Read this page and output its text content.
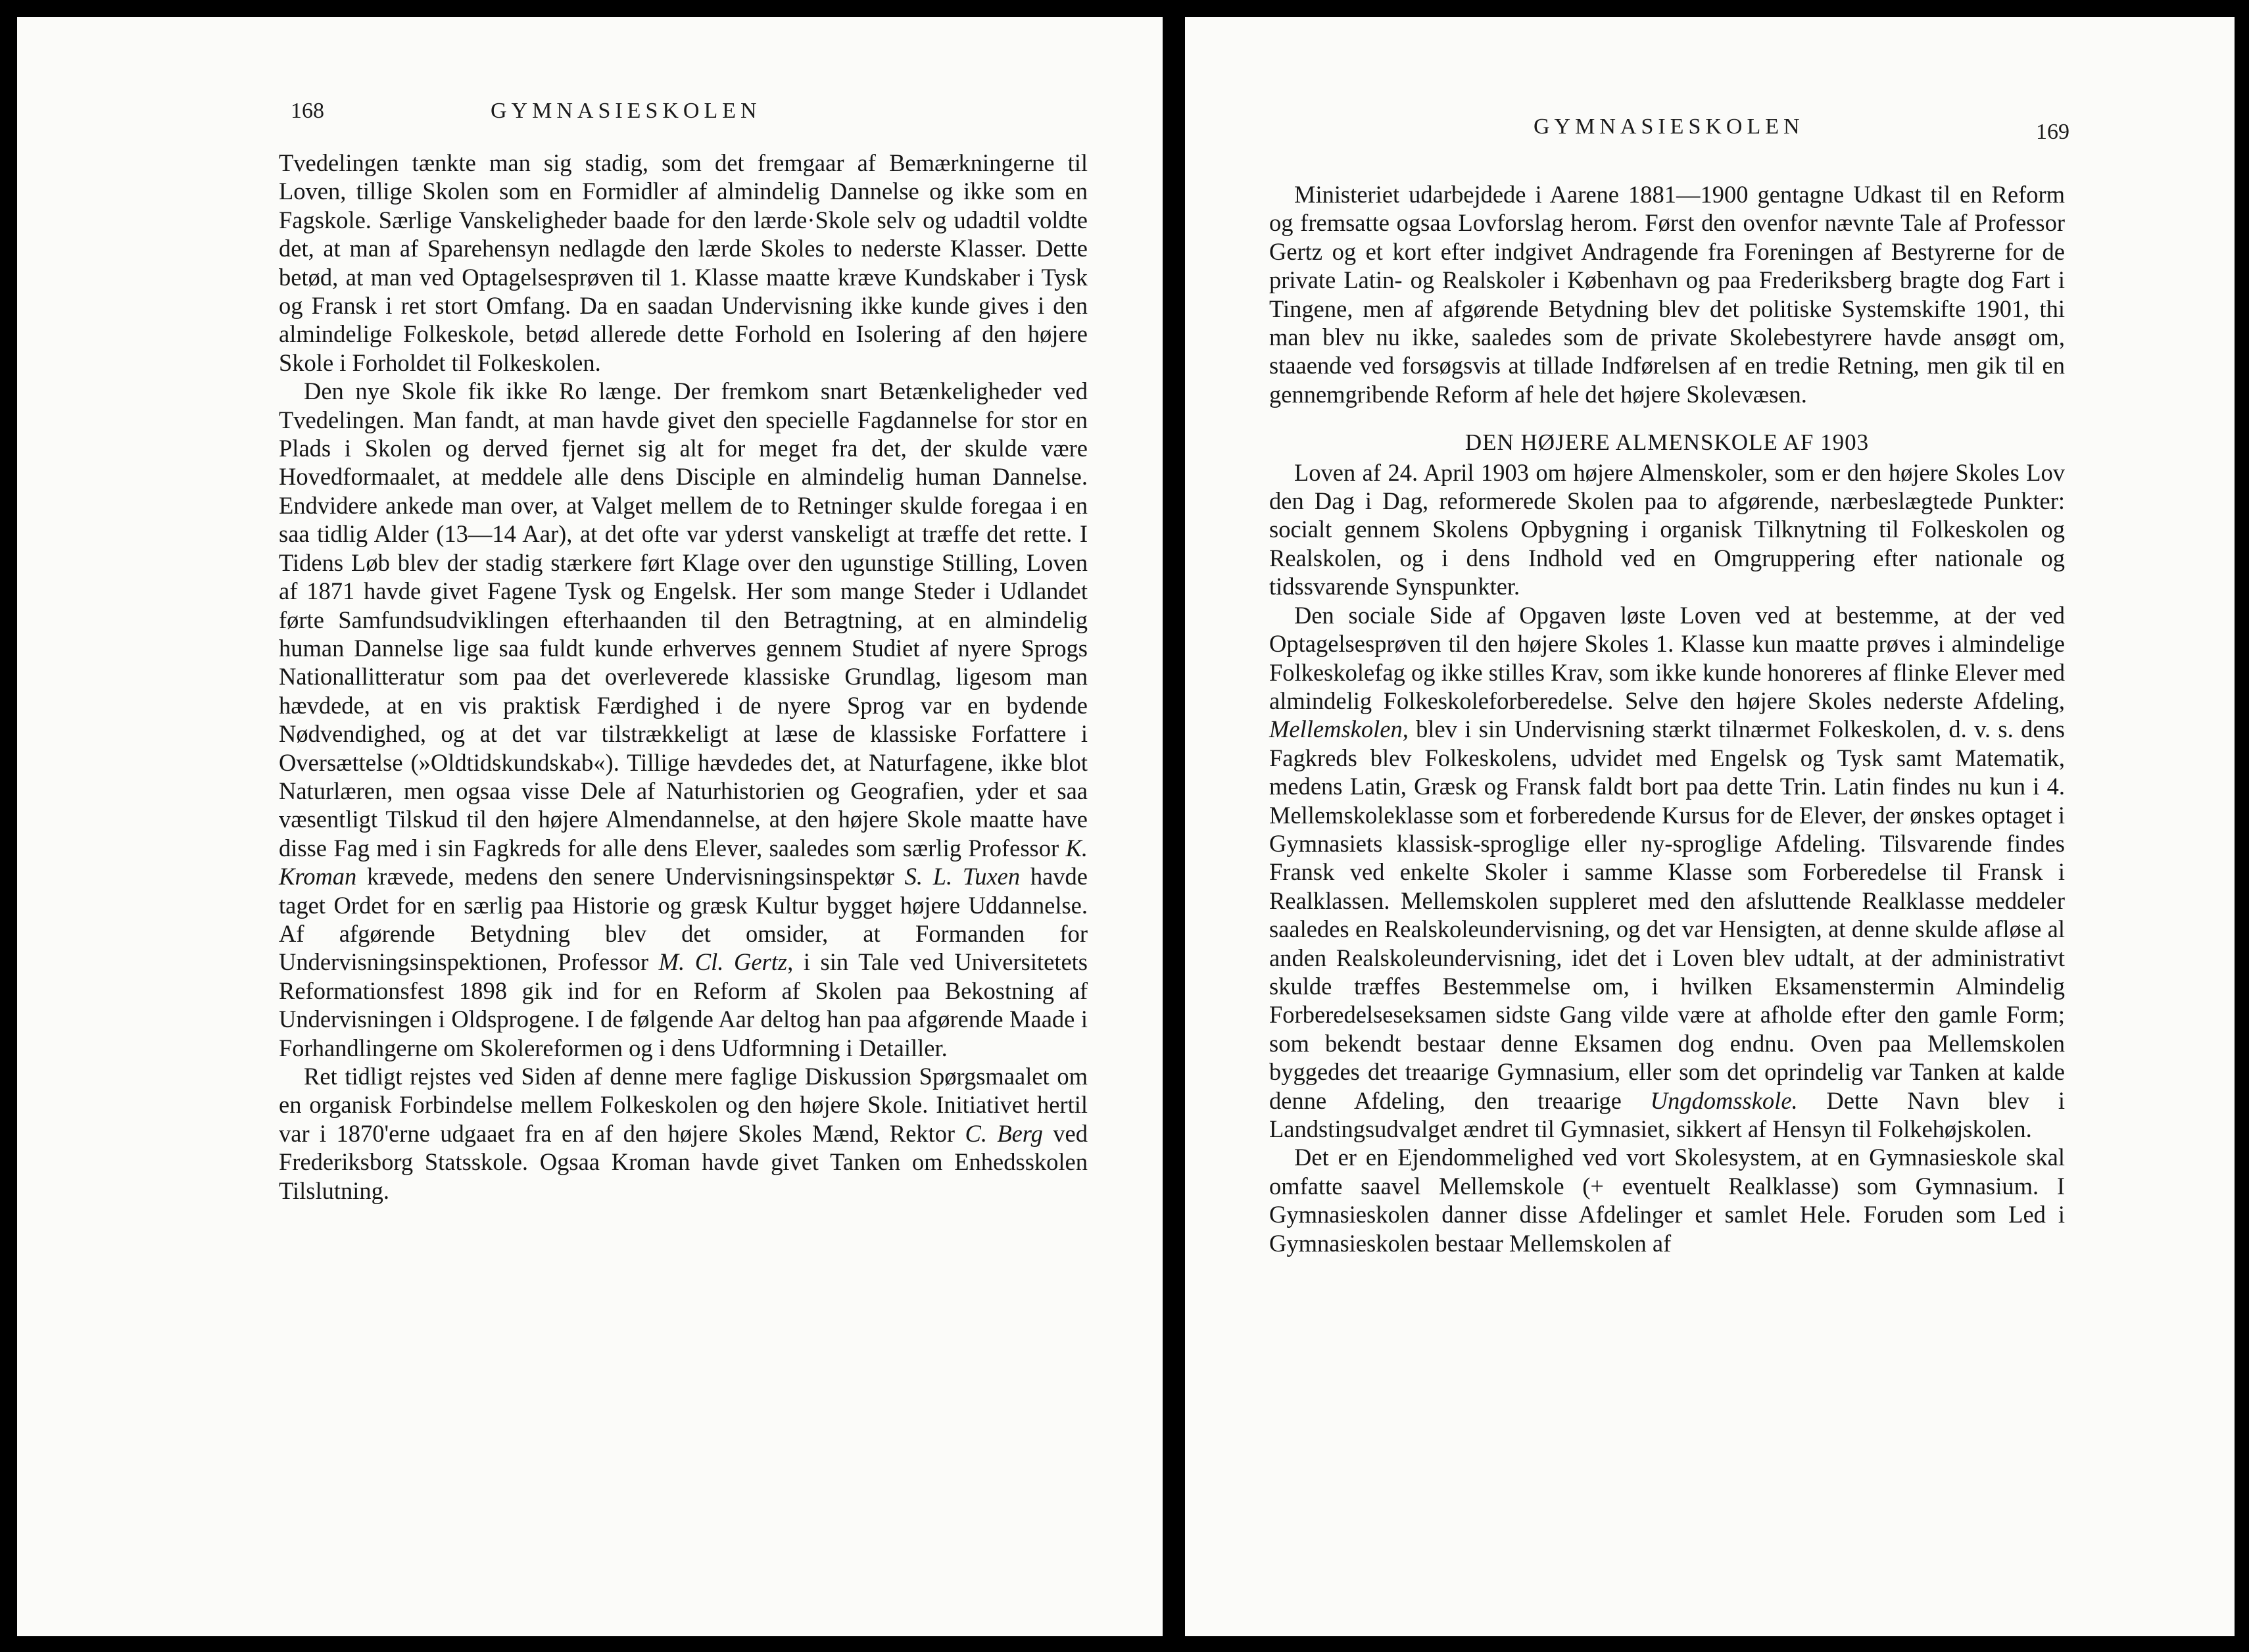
168	GYMNASIESKOLEN

Tvedelingen tænkte man sig stadig, som det fremgaar af Bemærkningerne til Loven, tillige Skolen som en Formidler af almindelig Dannelse og ikke som en Fagskole. Særlige Vanskeligheder baade for den lærde·Skole selv og udadtil voldte det, at man af Sparehensyn nedlagde den lærde Skoles to nederste Klasser. Dette betød, at man ved Optagelsesprøven til 1. Klasse maatte kræve Kundskaber i Tysk og Fransk i ret stort Omfang. Da en saadan Undervisning ikke kunde gives i den almindelige Folkeskole, betød allerede dette Forhold en Isolering af den højere Skole i Forholdet til Folkeskolen.

Den nye Skole fik ikke Ro længe. Der fremkom snart Betænkeligheder ved Tvedelingen. Man fandt, at man havde givet den specielle Fagdannelse for stor en Plads i Skolen og derved fjernet sig alt for meget fra det, der skulde være Hovedformaalet, at meddele alle dens Disciple en almindelig human Dannelse. Endvidere ankede man over, at Valget mellem de to Retninger skulde foregaa i en saa tidlig Alder (13—14 Aar), at det ofte var yderst vanskeligt at træffe det rette. I Tidens Løb blev der stadig stærkere ført Klage over den ugunstige Stilling, Loven af 1871 havde givet Fagene Tysk og Engelsk. Her som mange Steder i Udlandet førte Samfundsudviklingen efterhaanden til den Betragtning, at en almindelig human Dannelse lige saa fuldt kunde erhverves gennem Studiet af nyere Sprogs Nationallitteratur som paa det overleverede klassiske Grundlag, ligesom man hævdede, at en vis praktisk Færdighed i de nyere Sprog var en bydende Nødvendighed, og at det var tilstrækkeligt at læse de klassiske Forfattere i Oversættelse (»Oldtidskundskab«). Tillige hævdedes det, at Naturfagene, ikke blot Naturlæren, men ogsaa visse Dele af Naturhistorien og Geografien, yder et saa væsentligt Tilskud til den højere Almendannelse, at den højere Skole maatte have disse Fag med i sin Fagkreds for alle dens Elever, saaledes som særlig Professor K. Kroman krævede, medens den senere Undervisningsinspektør S. L. Tuxen havde taget Ordet for en særlig paa Historie og græsk Kultur bygget højere Uddannelse. Af afgørende Betydning blev det omsider, at Formanden for Undervisningsinspektionen, Professor M. Cl. Gertz, i sin Tale ved Universitetets Reformationsfest 1898 gik ind for en Reform af Skolen paa Bekostning af Undervisningen i Oldsprogene. I de følgende Aar deltog han paa afgørende Maade i Forhandlingerne om Skolereformen og i dens Udformning i Detailler.

Ret tidligt rejstes ved Siden af denne mere faglige Diskussion Spørgsmaalet om en organisk Forbindelse mellem Folkeskolen og den højere Skole. Initiativet hertil var i 1870'erne udgaaet fra en af den højere Skoles Mænd, Rektor C. Berg ved Frederiksborg Statsskole. Ogsaa Kroman havde givet Tanken om Enhedsskolen Tilslutning.

GYMNASIESKOLEN	169

Ministeriet udarbejdede i Aarene 1881—1900 gentagne Udkast til en Reform og fremsatte ogsaa Lovforslag herom. Først den ovenfor nævnte Tale af Professor Gertz og et kort efter indgivet Andragende fra Foreningen af Bestyrerne for de private Latin- og Realskoler i København og paa Frederiksberg bragte dog Fart i Tingene, men af afgørende Betydning blev det politiske Systemskifte 1901, thi man blev nu ikke, saaledes som de private Skolebestyrere havde ansøgt om, staaende ved forsøgsvis at tillade Indførelsen af en tredie Retning, men gik til en gennemgribende Reform af hele det højere Skolevæsen.

DEN HØJERE ALMENSKOLE AF 1903

Loven af 24. April 1903 om højere Almenskoler, som er den højere Skoles Lov den Dag i Dag, reformerede Skolen paa to afgørende, nærbeslægtede Punkter: socialt gennem Skolens Opbygning i organisk Tilknytning til Folkeskolen og Realskolen, og i dens Indhold ved en Omgruppering efter nationale og tidssvarende Synspunkter.

Den sociale Side af Opgaven løste Loven ved at bestemme, at der ved Optagelsesprøven til den højere Skoles 1. Klasse kun maatte prøves i almindelige Folkeskolefag og ikke stilles Krav, som ikke kunde honoreres af flinke Elever med almindelig Folkeskoleforberedelse. Selve den højere Skoles nederste Afdeling, Mellemskolen, blev i sin Undervisning stærkt tilnærmet Folkeskolen, d. v. s. dens Fagkreds blev Folkeskolens, udvidet med Engelsk og Tysk samt Matematik, medens Latin, Græsk og Fransk faldt bort paa dette Trin. Latin findes nu kun i 4. Mellemskoleklasse som et forberedende Kursus for de Elever, der ønskes optaget i Gymnasiets klassisk-sproglige eller ny-sproglige Afdeling. Tilsvarende findes Fransk ved enkelte Skoler i samme Klasse som Forberedelse til Fransk i Realklassen. Mellemskolen suppleret med den afsluttende Realklasse meddeler saaledes en Realskoleundervisning, og det var Hensigten, at denne skulde afløse al anden Realskoleundervisning, idet det i Loven blev udtalt, at der administrativt skulde træffes Bestemmelse om, i hvilken Eksamenstermin Almindelig Forberedelseseksamen sidste Gang vilde være at afholde efter den gamle Form; som bekendt bestaar denne Eksamen dog endnu. Oven paa Mellemskolen byggedes det treaarige Gymnasium, eller som det oprindelig var Tanken at kalde denne Afdeling, den treaarige Ungdomsskole. Dette Navn blev i Landstingsudvalget ændret til Gymnasiet, sikkert af Hensyn til Folkehøjskolen.

Det er en Ejendommelighed ved vort Skolesystem, at en Gymnasieskole skal omfatte saavel Mellemskole (+ eventuelt Realklasse) som Gymnasium. I Gymnasieskolen danner disse Afdelinger et samlet Hele. Foruden som Led i Gymnasieskolen bestaar Mellemskolen af
